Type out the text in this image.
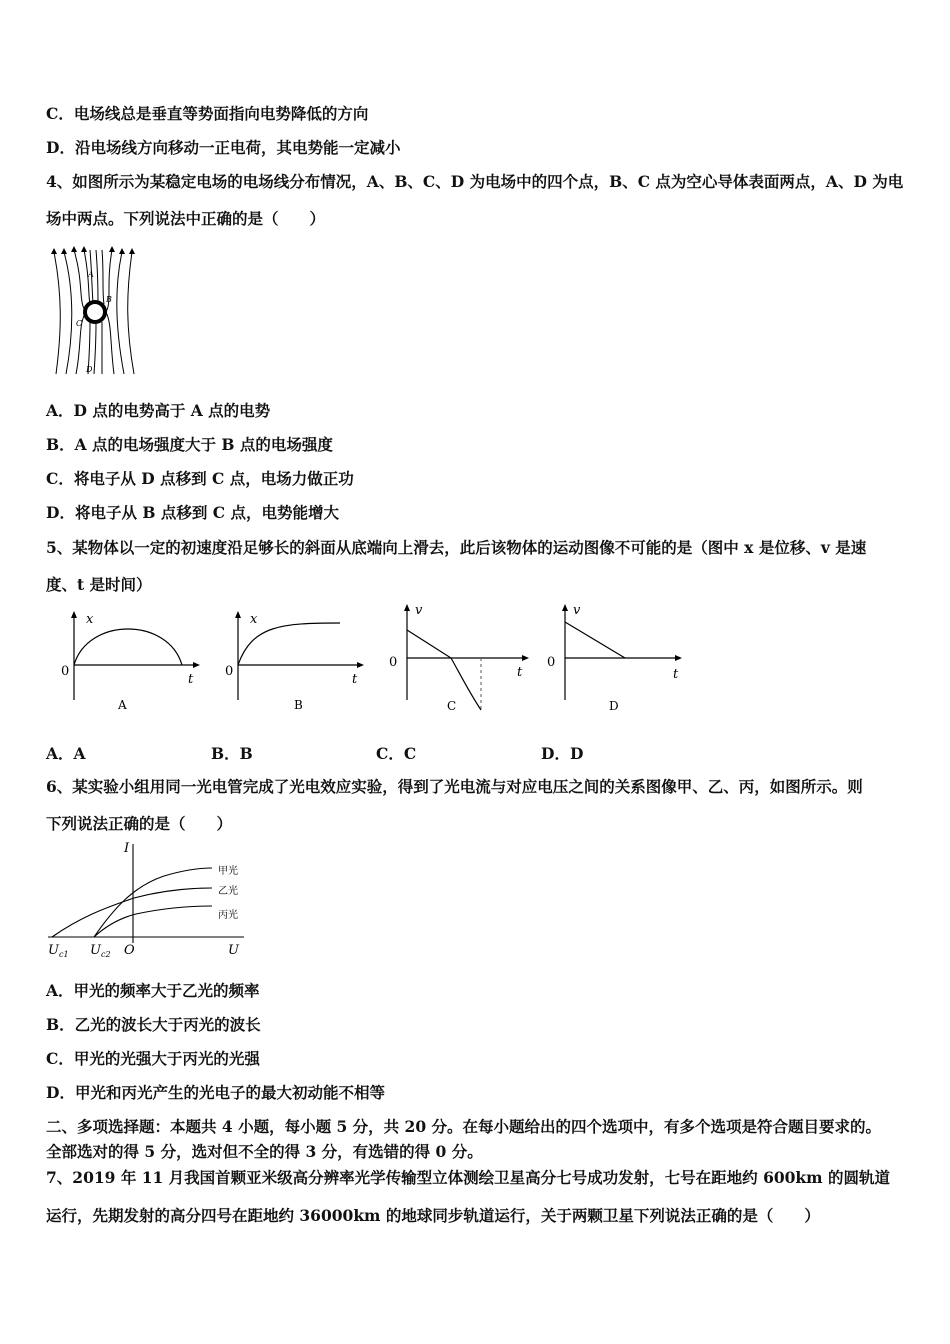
C．电场线总是垂直等势面指向电势降低的方向
D．沿电场线方向移动一正电荷，其电势能一定减小
4、如图所示为某稳定电场的电场线分布情况，A、B、C、D 为电场中的四个点，B、C 点为空心导体表面两点，A、D 为电
场中两点。下列说法中正确的是（　　）
A
B
C
D
A．D 点的电势高于 A 点的电势
B．A 点的电场强度大于 B 点的电场强度
C．将电子从 D 点移到 C 点，电场力做正功
D．将电子从 B 点移到 C 点，电势能增大
5、某物体以一定的初速度沿足够长的斜面从底端向上滑去，此后该物体的运动图像不可能的是（图中 x 是位移、v 是速
度、t 是时间）
x
t
0
A
x
t
0
B
v
t
0
C
v
t
0
D
A．A	B．B	C．C	D．D
6、某实验小组用同一光电管完成了光电效应实验，得到了光电流与对应电压之间的关系图像甲、乙、丙，如图所示。则
下列说法正确的是（　　）
I
U
O
$U_{c1}$ $U_{c2}$
甲光
乙光
丙光
A．甲光的频率大于乙光的频率
B．乙光的波长大于丙光的波长
C．甲光的光强大于丙光的光强
D．甲光和丙光产生的光电子的最大初动能不相等
二、多项选择题：本题共 4 小题，每小题 5 分，共 20 分。在每小题给出的四个选项中，有多个选项是符合题目要求的。
全部选对的得 5 分，选对但不全的得 3 分，有选错的得 0 分。
7、2019 年 11 月我国首颗亚米级高分辨率光学传输型立体测绘卫星高分七号成功发射，七号在距地约 600km 的圆轨道
运行，先期发射的高分四号在距地约 36000km 的地球同步轨道运行，关于两颗卫星下列说法正确的是（　　）
